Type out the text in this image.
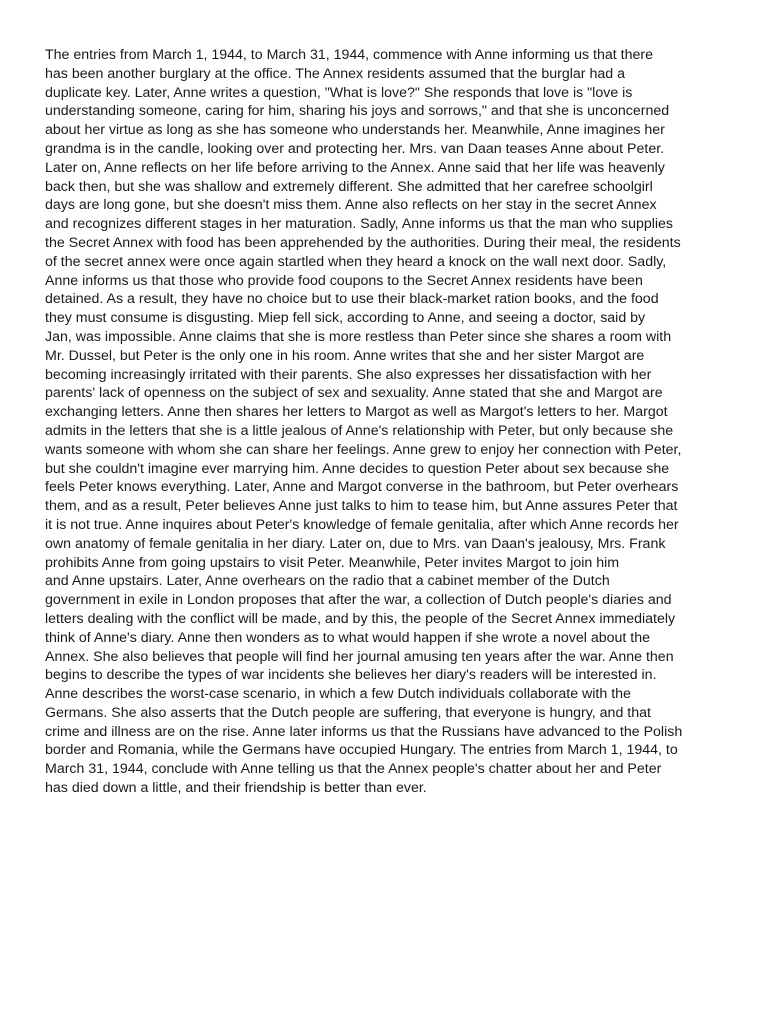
The entries from March 1, 1944, to March 31, 1944, commence with Anne informing us that there
has been another burglary at the office. The Annex residents assumed that the burglar had a
duplicate key. Later, Anne writes a question, "What is love?" She responds that love is "love is
understanding someone, caring for him, sharing his joys and sorrows," and that she is unconcerned
about her virtue as long as she has someone who understands her. Meanwhile, Anne imagines her
grandma is in the candle, looking over and protecting her. Mrs. van Daan teases Anne about Peter.
Later on, Anne reflects on her life before arriving to the Annex. Anne said that her life was heavenly
back then, but she was shallow and extremely different. She admitted that her carefree schoolgirl
days are long gone, but she doesn't miss them. Anne also reflects on her stay in the secret Annex
and recognizes different stages in her maturation. Sadly, Anne informs us that the man who supplies
the Secret Annex with food has been apprehended by the authorities. During their meal, the residents
of the secret annex were once again startled when they heard a knock on the wall next door. Sadly,
Anne informs us that those who provide food coupons to the Secret Annex residents have been
detained. As a result, they have no choice but to use their black-market ration books, and the food
they must consume is disgusting. Miep fell sick, according to Anne, and seeing a doctor, said by
Jan, was impossible. Anne claims that she is more restless than Peter since she shares a room with
Mr. Dussel, but Peter is the only one in his room. Anne writes that she and her sister Margot are
becoming increasingly irritated with their parents. She also expresses her dissatisfaction with her
parents' lack of openness on the subject of sex and sexuality. Anne stated that she and Margot are
exchanging letters. Anne then shares her letters to Margot as well as Margot's letters to her. Margot
admits in the letters that she is a little jealous of Anne's relationship with Peter, but only because she
wants someone with whom she can share her feelings. Anne grew to enjoy her connection with Peter,
but she couldn't imagine ever marrying him. Anne decides to question Peter about sex because she
feels Peter knows everything. Later, Anne and Margot converse in the bathroom, but Peter overhears
them, and as a result, Peter believes Anne just talks to him to tease him, but Anne assures Peter that
it is not true. Anne inquires about Peter's knowledge of female genitalia, after which Anne records her
own anatomy of female genitalia in her diary. Later on, due to Mrs. van Daan's jealousy, Mrs. Frank
prohibits Anne from going upstairs to visit Peter. Meanwhile, Peter invites Margot to join him
and Anne upstairs. Later, Anne overhears on the radio that a cabinet member of the Dutch
government in exile in London proposes that after the war, a collection of Dutch people's diaries and
letters dealing with the conflict will be made, and by this, the people of the Secret Annex immediately
think of Anne's diary. Anne then wonders as to what would happen if she wrote a novel about the
Annex. She also believes that people will find her journal amusing ten years after the war. Anne then
begins to describe the types of war incidents she believes her diary's readers will be interested in.
Anne describes the worst-case scenario, in which a few Dutch individuals collaborate with the
Germans. She also asserts that the Dutch people are suffering, that everyone is hungry, and that
crime and illness are on the rise. Anne later informs us that the Russians have advanced to the Polish
border and Romania, while the Germans have occupied Hungary. The entries from March 1, 1944, to
March 31, 1944, conclude with Anne telling us that the Annex people's chatter about her and Peter
has died down a little, and their friendship is better than ever.
